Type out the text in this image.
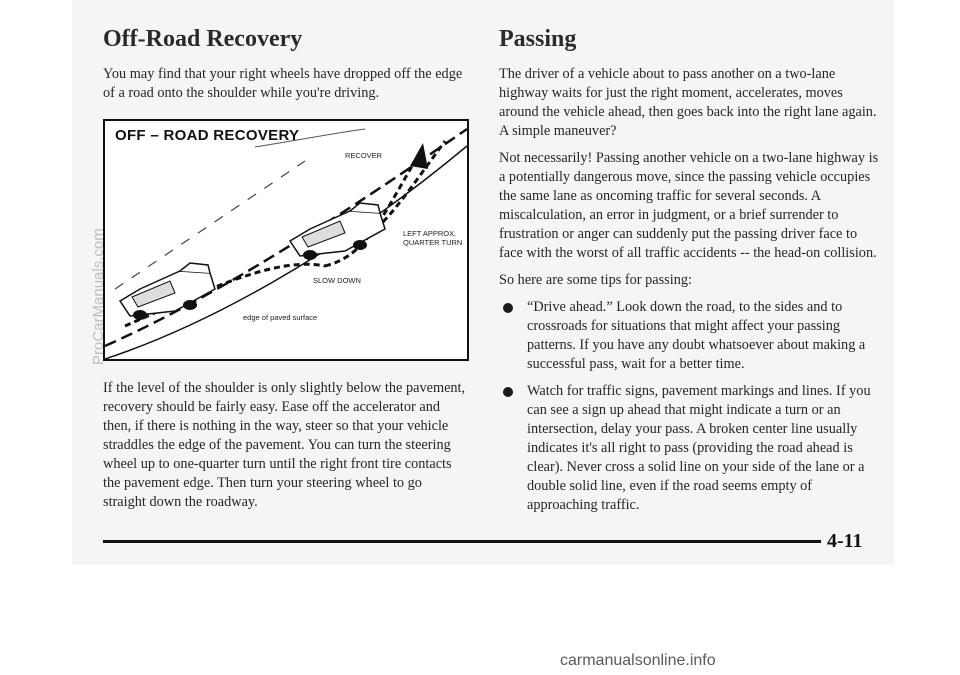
Off-Road Recovery

You may find that your right wheels have dropped off the edge of a road onto the shoulder while you're driving.

OFF – ROAD RECOVERY
RECOVER
LEFT APPROX.
QUARTER TURN
SLOW DOWN
edge of paved surface

If the level of the shoulder is only slightly below the pavement, recovery should be fairly easy. Ease off the accelerator and then, if there is nothing in the way, steer so that your vehicle straddles the edge of the pavement. You can turn the steering wheel up to one-quarter turn until the right front tire contacts the pavement edge. Then turn your steering wheel to go straight down the roadway.

Passing

The driver of a vehicle about to pass another on a two-lane highway waits for just the right moment, accelerates, moves around the vehicle ahead, then goes back into the right lane again. A simple maneuver?

Not necessarily! Passing another vehicle on a two-lane highway is a potentially dangerous move, since the passing vehicle occupies the same lane as oncoming traffic for several seconds. A miscalculation, an error in judgment, or a brief surrender to frustration or anger can suddenly put the passing driver face to face with the worst of all traffic accidents -- the head-on collision.

So here are some tips for passing:

“Drive ahead.” Look down the road, to the sides and to crossroads for situations that might affect your passing patterns. If you have any doubt whatsoever about making a successful pass, wait for a better time.

Watch for traffic signs, pavement markings and lines. If you can see a sign up ahead that might indicate a turn or an intersection, delay your pass. A broken center line usually indicates it's all right to pass (providing the road ahead is clear). Never cross a solid line on your side of the lane or a double solid line, even if the road seems empty of approaching traffic.

4-11
ProCarManuals.com
carmanualsonline.info
